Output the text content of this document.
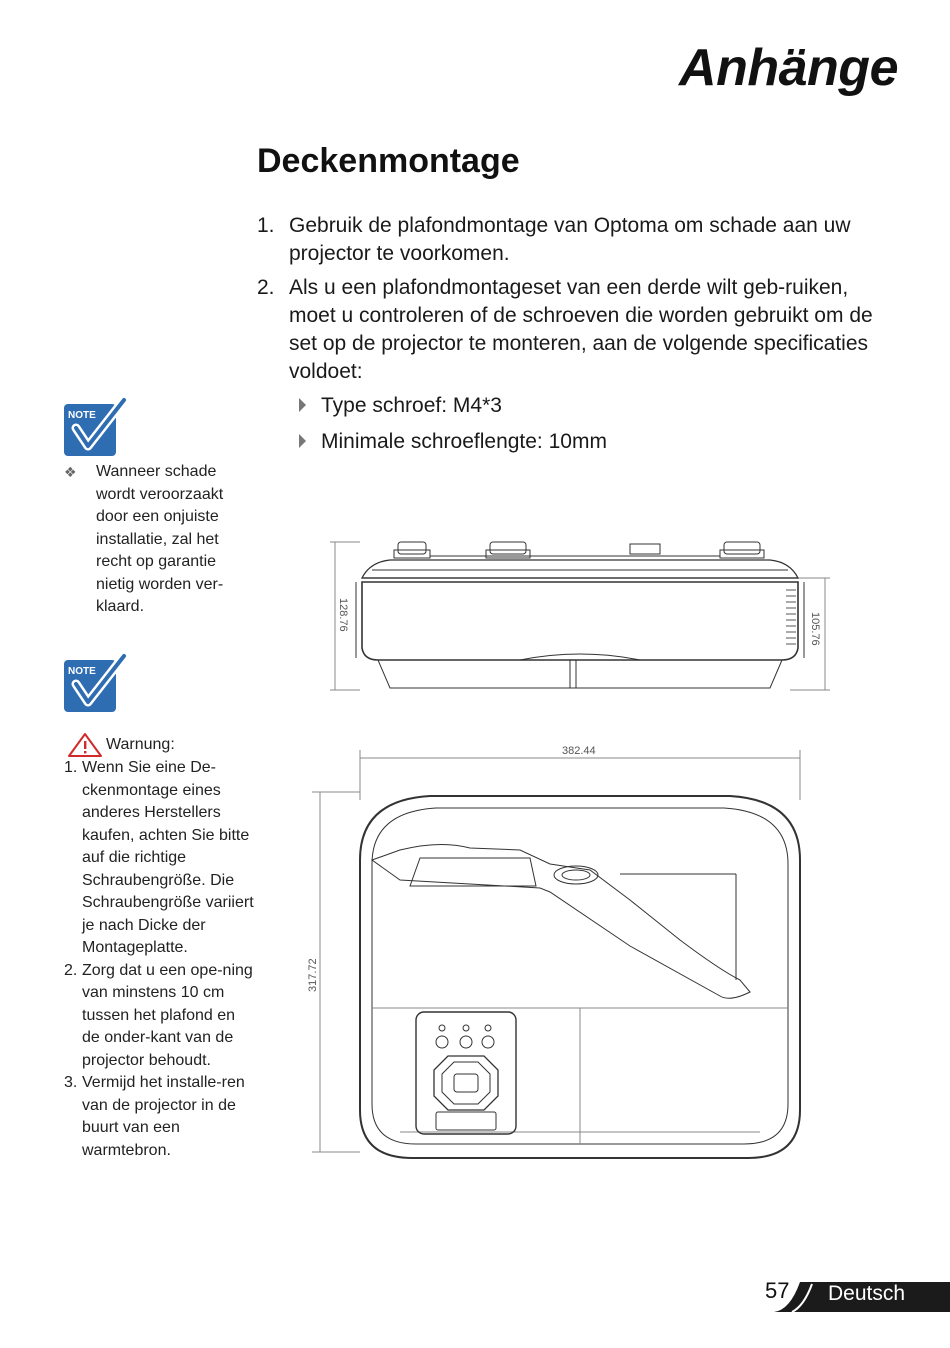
Anhänge
Deckenmontage
1. Gebruik de plafondmontage van Optoma om schade aan uw projector te voorkomen.
2. Als u een plafondmontageset van een derde wilt geb-ruiken, moet u controleren of de schroeven die worden gebruikt om de set op de projector te monteren, aan de volgende specificaties voldoet:
Type schroef: M4*3
Minimale schroeflengte: 10mm
NOTE
❖	Wanneer schade wordt veroorzaakt door een onjuiste installatie, zal het recht op garantie nietig worden ver-klaard.
NOTE
Warnung:
1. Wenn Sie eine De-ckenmontage eines anderes Herstellers kaufen, achten Sie bitte auf die richtige Schraubengröße. Die Schraubengröße variiert je nach Dicke der Montageplatte.
2. Zorg dat u een ope-ning van minstens 10 cm tussen het plafond en de onder-kant van de projector behoudt.
3. Vermijd het installe-ren van de projector in de buurt van een warmtebron.
128.76	105.76
382.44
317.72
57 Deutsch
